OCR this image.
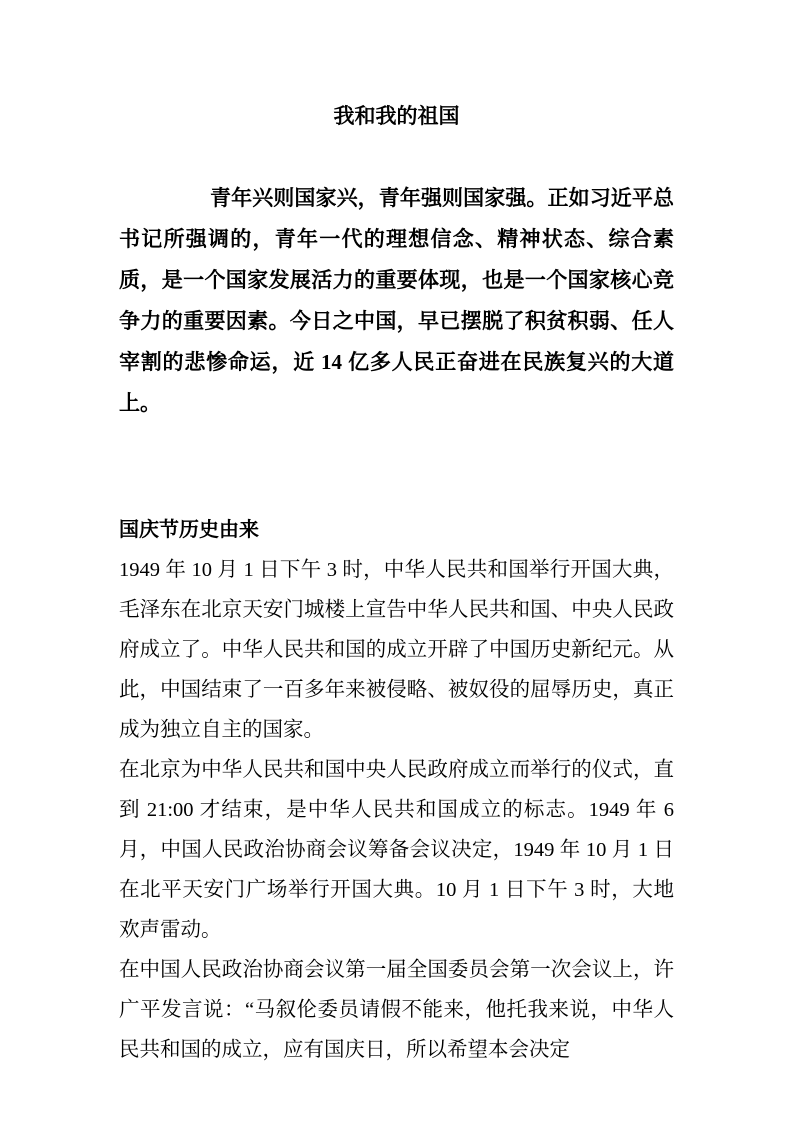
我和我的祖国

青年兴则国家兴，青年强则国家强。正如习近平总书记所强调的，青年一代的理想信念、精神状态、综合素质，是一个国家发展活力的重要体现，也是一个国家核心竞争力的重要因素。今日之中国，早已摆脱了积贫积弱、任人宰割的悲惨命运，近 14 亿多人民正奋进在民族复兴的大道上。

国庆节历史由来

1949 年 10 月 1 日下午 3 时，中华人民共和国举行开国大典，毛泽东在北京天安门城楼上宣告中华人民共和国、中央人民政府成立了。中华人民共和国的成立开辟了中国历史新纪元。从此，中国结束了一百多年来被侵略、被奴役的屈辱历史，真正成为独立自主的国家。

在北京为中华人民共和国中央人民政府成立而举行的仪式，直到 21:00 才结束，是中华人民共和国成立的标志。1949 年 6 月，中国人民政治协商会议筹备会议决定，1949 年 10 月 1 日在北平天安门广场举行开国大典。10 月 1 日下午 3 时，大地欢声雷动。

在中国人民政治协商会议第一届全国委员会第一次会议上，许广平发言说：“马叙伦委员请假不能来，他托我来说，中华人民共和国的成立，应有国庆日，所以希望本会决定
